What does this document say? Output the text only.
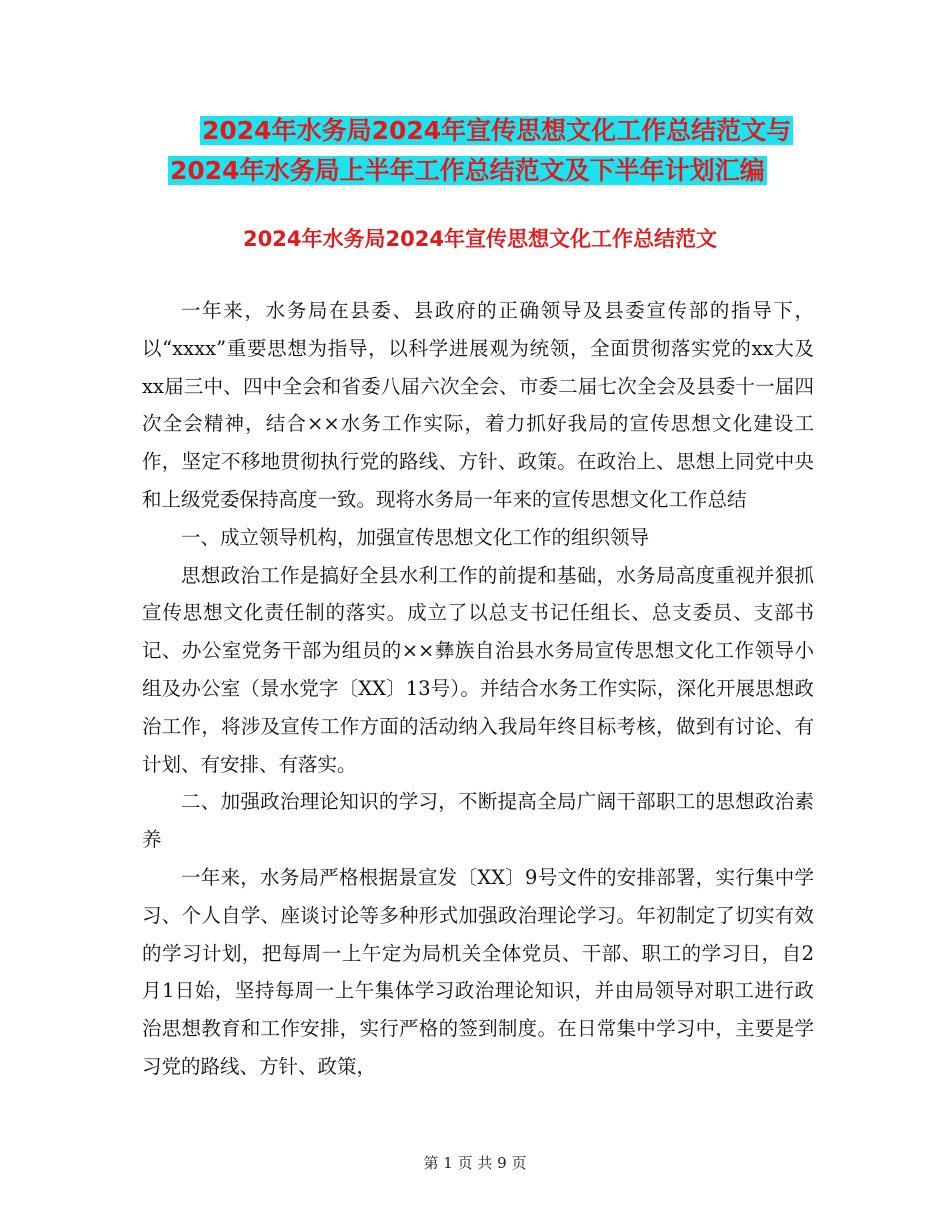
2024年水务局2024年宣传思想文化工作总结范文与
2024年水务局上半年工作总结范文及下半年计划汇编
2024年水务局2024年宣传思想文化工作总结范文

一年来，水务局在县委、县政府的正确领导及县委宣传部的指导下，以“xxxx”重要思想为指导，以科学进展观为统领，全面贯彻落实党的xx大及xx届三中、四中全会和省委八届六次全会、市委二届七次全会及县委十一届四次全会精神，结合××水务工作实际，着力抓好我局的宣传思想文化建设工作，坚定不移地贯彻执行党的路线、方针、政策。在政治上、思想上同党中央和上级党委保持高度一致。现将水务局一年来的宣传思想文化工作总结

一、成立领导机构，加强宣传思想文化工作的组织领导

思想政治工作是搞好全县水利工作的前提和基础，水务局高度重视并狠抓宣传思想文化责任制的落实。成立了以总支书记任组长、总支委员、支部书记、办公室党务干部为组员的××彝族自治县水务局宣传思想文化工作领导小组及办公室（景水党字〔XX〕13号）。并结合水务工作实际，深化开展思想政治工作，将涉及宣传工作方面的活动纳入我局年终目标考核，做到有讨论、有计划、有安排、有落实。

二、加强政治理论知识的学习，不断提高全局广阔干部职工的思想政治素养

一年来，水务局严格根据景宣发〔XX〕9号文件的安排部署，实行集中学习、个人自学、座谈讨论等多种形式加强政治理论学习。年初制定了切实有效的学习计划，把每周一上午定为局机关全体党员、干部、职工的学习日，自2月1日始，坚持每周一上午集体学习政治理论知识，并由局领导对职工进行政治思想教育和工作安排，实行严格的签到制度。在日常集中学习中，主要是学习党的路线、方针、政策，

第 1 页 共 9 页
